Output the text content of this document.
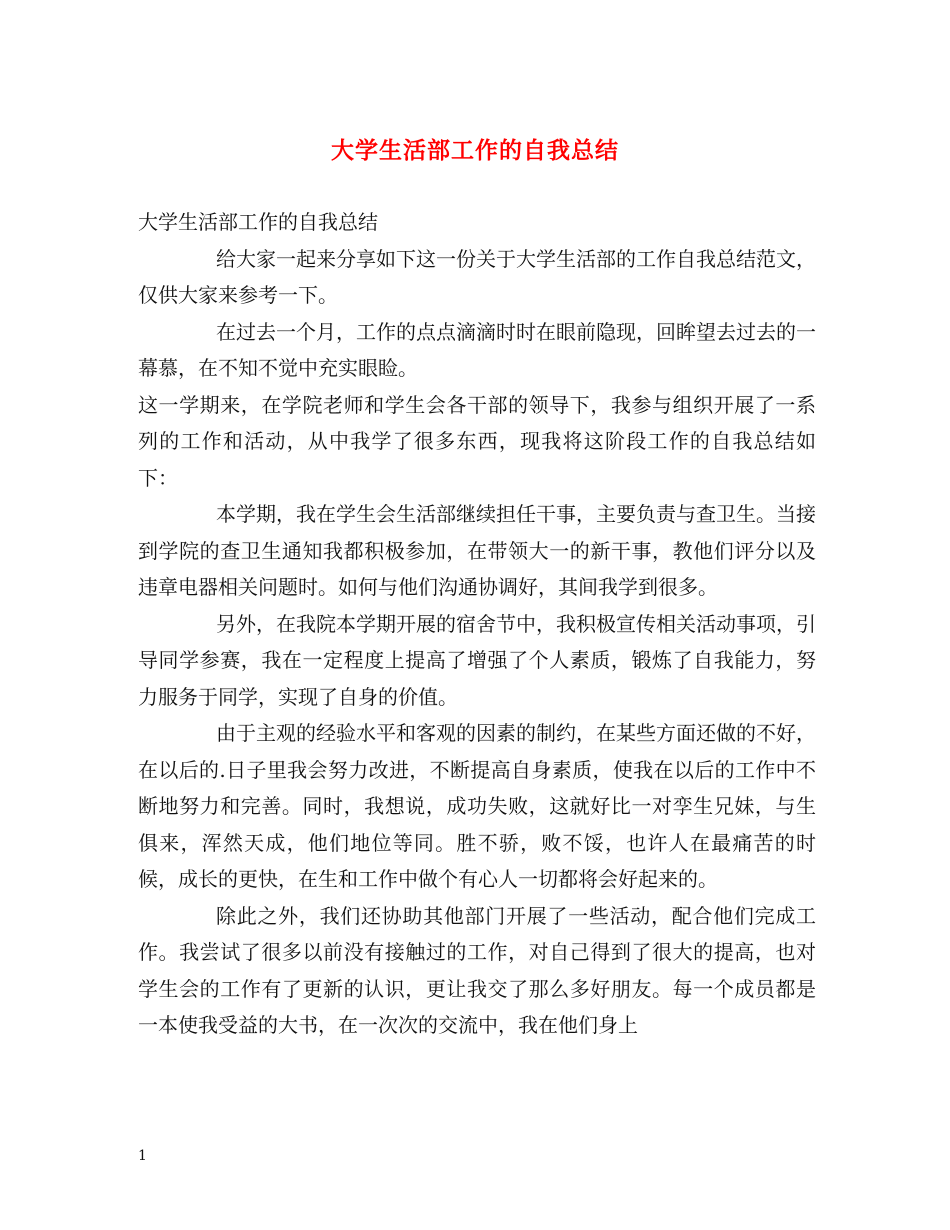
大学生活部工作的自我总结

大学生活部工作的自我总结

给大家一起来分享如下这一份关于大学生活部的工作自我总结范文，仅供大家来参考一下。

在过去一个月，工作的点点滴滴时时在眼前隐现，回眸望去过去的一幕慕，在不知不觉中充实眼睑。

这一学期来，在学院老师和学生会各干部的领导下，我参与组织开展了一系列的工作和活动，从中我学了很多东西，现我将这阶段工作的自我总结如下：

本学期，我在学生会生活部继续担任干事，主要负责与查卫生。当接到学院的查卫生通知我都积极参加，在带领大一的新干事，教他们评分以及违章电器相关问题时。如何与他们沟通协调好，其间我学到很多。

另外，在我院本学期开展的宿舍节中，我积极宣传相关活动事项，引导同学参赛，我在一定程度上提高了增强了个人素质，锻炼了自我能力，努力服务于同学，实现了自身的价值。

由于主观的经验水平和客观的因素的制约，在某些方面还做的不好，在以后的.日子里我会努力改进，不断提高自身素质，使我在以后的工作中不断地努力和完善。同时，我想说，成功失败，这就好比一对孪生兄妹，与生俱来，浑然天成，他们地位等同。胜不骄，败不馁，也许人在最痛苦的时候，成长的更快，在生和工作中做个有心人一切都将会好起来的。

除此之外，我们还协助其他部门开展了一些活动，配合他们完成工作。我尝试了很多以前没有接触过的工作，对自己得到了很大的提高，也对学生会的工作有了更新的认识，更让我交了那么多好朋友。每一个成员都是一本使我受益的大书，在一次次的交流中，我在他们身上

1
